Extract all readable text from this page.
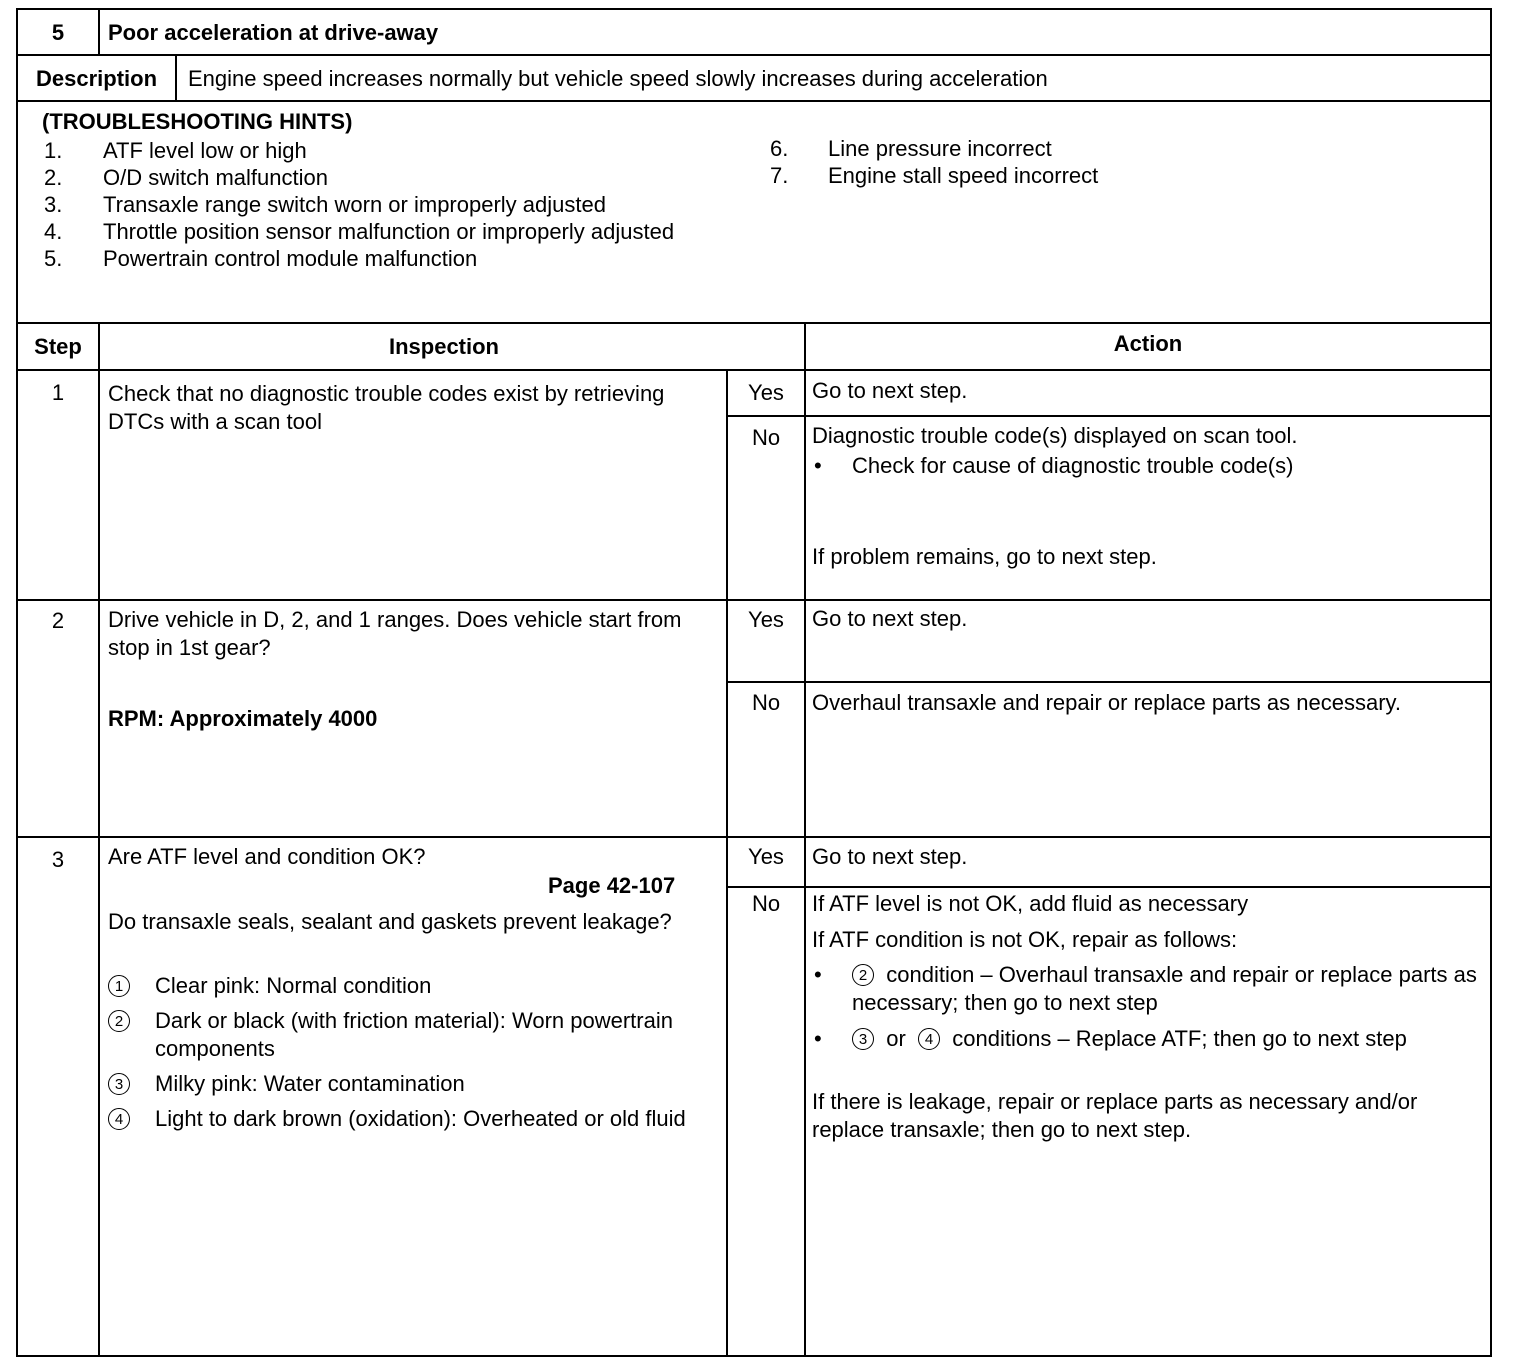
5	Poor acceleration at drive-away
Description	Engine speed increases normally but vehicle speed slowly increases during acceleration
(TROUBLESHOOTING HINTS)
1. ATF level low or high
2. O/D switch malfunction
3. Transaxle range switch worn or improperly adjusted
4. Throttle position sensor malfunction or improperly adjusted
5. Powertrain control module malfunction
6. Line pressure incorrect
7. Engine stall speed incorrect
Step	Inspection	Action
1	Check that no diagnostic trouble codes exist by retrieving DTCs with a scan tool
Yes	Go to next step.
No	Diagnostic trouble code(s) displayed on scan tool.
• Check for cause of diagnostic trouble code(s)
If problem remains, go to next step.
2	Drive vehicle in D, 2, and 1 ranges. Does vehicle start from stop in 1st gear?
RPM: Approximately 4000
Yes	Go to next step.
No	Overhaul transaxle and repair or replace parts as necessary.
3	Are ATF level and condition OK?
Page 42-107
Do transaxle seals, sealant and gaskets prevent leakage?
1	Clear pink: Normal condition
2	Dark or black (with friction material): Worn powertrain components
3	Milky pink: Water contamination
4	Light to dark brown (oxidation): Overheated or old fluid
Yes	Go to next step.
No	If ATF level is not OK, add fluid as necessary
If ATF condition is not OK, repair as follows:
•	2 condition – Overhaul transaxle and repair or replace parts as necessary; then go to next step
•	3 or 4 conditions – Replace ATF; then go to next step
If there is leakage, repair or replace parts as necessary and/or replace transaxle; then go to next step.
